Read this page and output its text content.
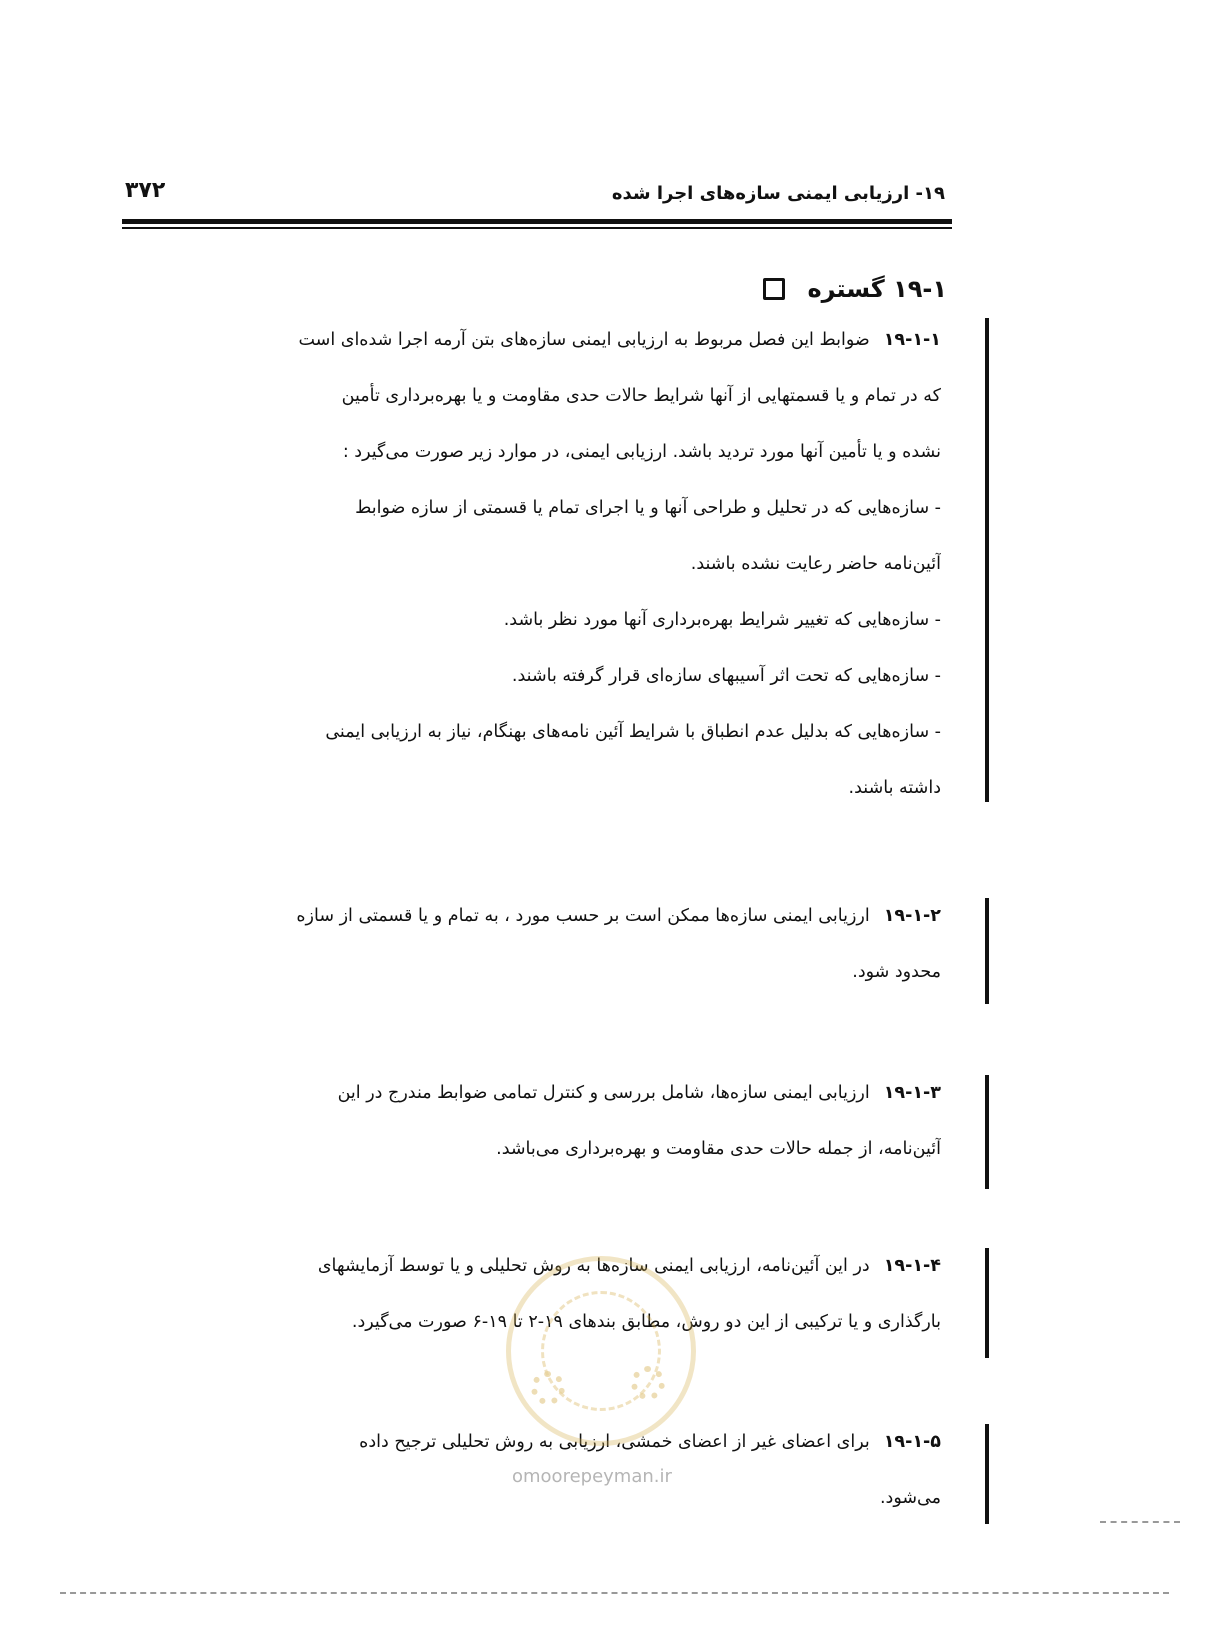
۱۹- ارزیابی ایمنی سازه‌های اجرا شده
۳۷۲
۱۹-۱ گستره
۱۹-۱-۱ضوابط این فصل مربوط به ارزیابی ایمنی سازه‌های بتن آرمه اجرا شده‌ای است
که در تمام و یا قسمتهایی از آنها شرایط حالات حدی مقاومت و یا بهره‌برداری تأمین
نشده و یا تأمین آنها مورد تردید باشد. ارزیابی ایمنی، در موارد زیر صورت می‌گیرد :
- سازه‌هایی که در تحلیل و طراحی آنها و یا اجرای تمام یا قسمتی از سازه ضوابط
آئین‌نامه حاضر رعایت نشده باشند.
- سازه‌هایی که تغییر شرایط بهره‌برداری آنها مورد نظر باشد.
- سازه‌هایی که تحت اثر آسیبهای سازه‌ای قرار گرفته باشند.
- سازه‌هایی که بدلیل عدم انطباق با شرایط آئین نامه‌های بهنگام، نیاز به ارزیابی ایمنی
داشته باشند.
۱۹-۱-۲ارزیابی ایمنی سازه‌ها ممکن است بر حسب مورد ، به تمام و یا قسمتی از سازه
محدود شود.
۱۹-۱-۳ارزیابی ایمنی سازه‌ها، شامل بررسی و کنترل تمامی ضوابط مندرج در این
آئین‌نامه، از جمله حالات حدی مقاومت و بهره‌برداری می‌باشد.
۱۹-۱-۴در این آئین‌نامه، ارزیابی ایمنی سازه‌ها به روش تحلیلی و یا توسط آزمایشهای
بارگذاری و یا ترکیبی از این دو روش، مطابق بندهای ۱۹-۲ تا ۱۹-۶ صورت می‌گیرد.
۱۹-۱-۵برای اعضای غیر از اعضای خمشی، ارزیابی به روش تحلیلی ترجیح داده
می‌شود.
omoorepeyman.ir
